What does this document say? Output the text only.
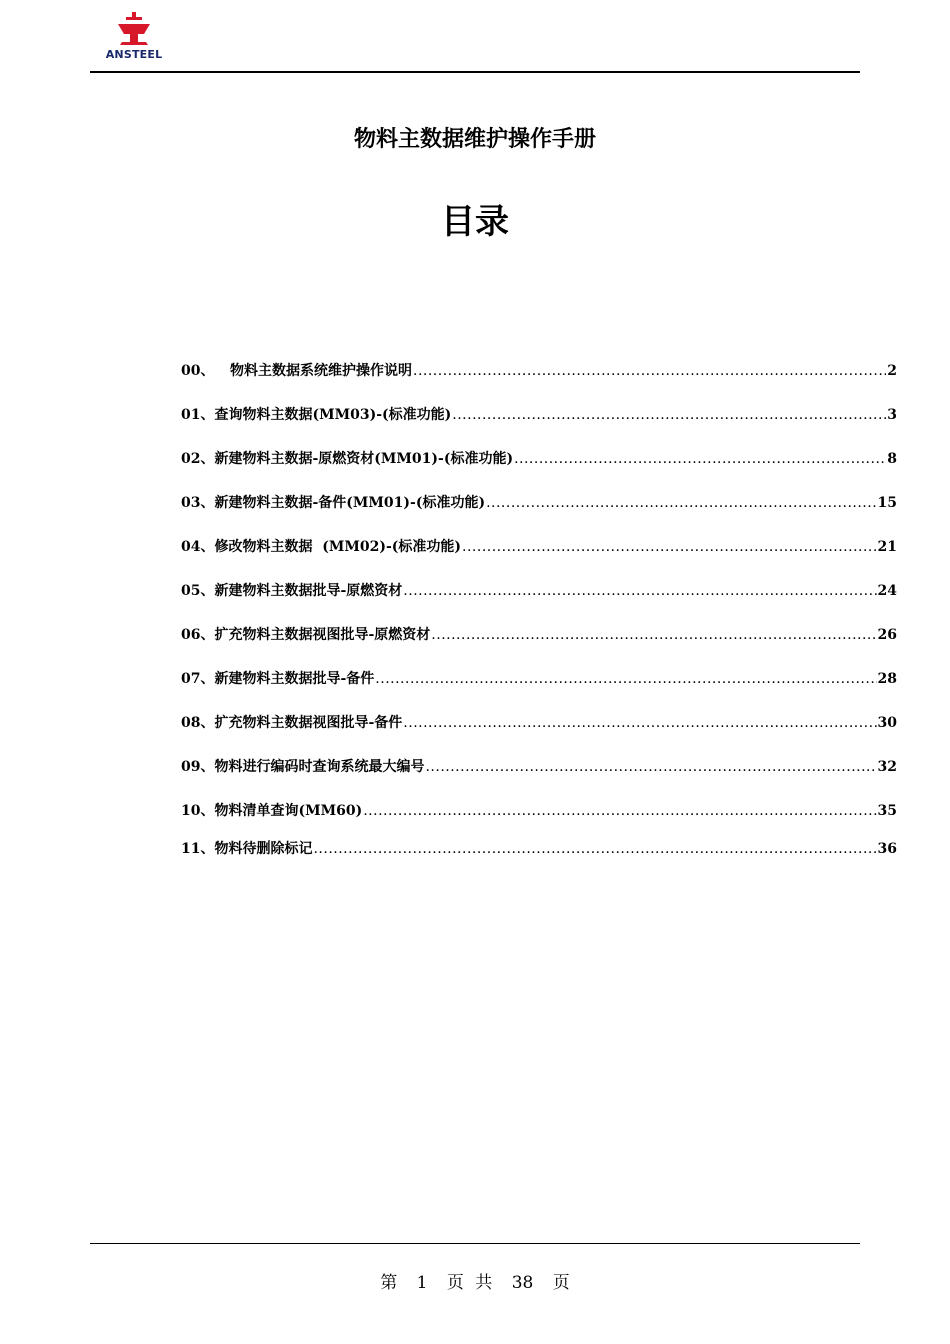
ANSTEEL
物料主数据维护操作手册
目录
00、	物料主数据系统维护操作说明 .....	2
01、 查询物料主数据(MM03)-(标准功能) .....	3
02、 新建物料主数据-原燃资材(MM01)-(标准功能) .....	8
03、 新建物料主数据-备件(MM01)-(标准功能) .....	15
04、 修改物料主数据  (MM02)-(标准功能) .....	21
05、 新建物料主数据批导-原燃资材 .....	24
06、 扩充物料主数据视图批导-原燃资材 .....	26
07、 新建物料主数据批导-备件 .....	28
08、 扩充物料主数据视图批导-备件 .....	30
09、 物料进行编码时查询系统最大编号 .....	32
10、 物料清单查询(MM60) .....	35
11、 物料待删除标记 .....	36
第 1 页 共 38 页
